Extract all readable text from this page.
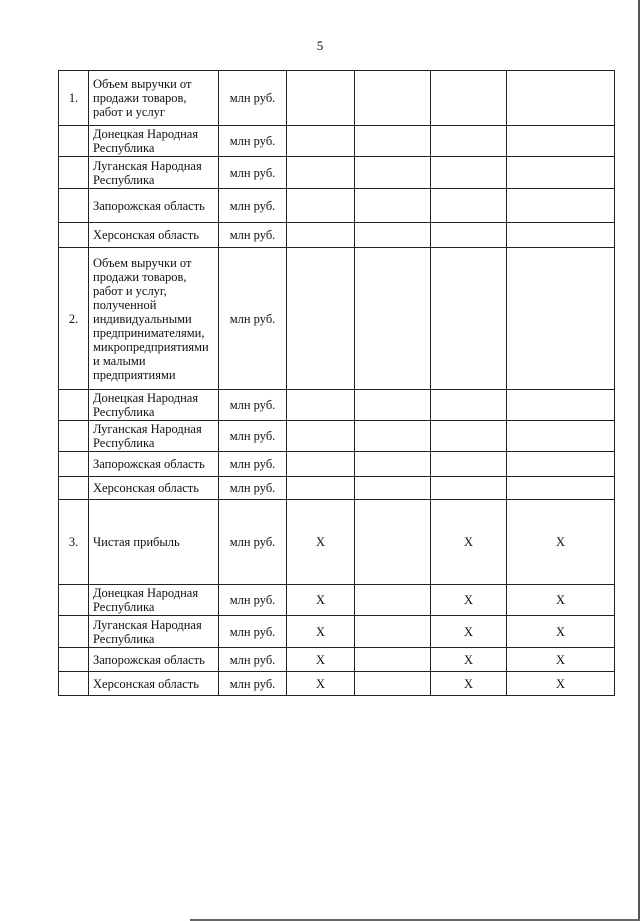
5
1.	Объем выручки от продажи товаров, работ и услуг	млн руб.				
	Донецкая Народная Республика	млн руб.				
	Луганская Народная Республика	млн руб.				
	Запорожская область	млн руб.				
	Херсонская область	млн руб.				
2.	Объем выручки от продажи товаров, работ и услуг, полученной индивидуальными предпринимателями, микропредприятиями и малыми предприятиями	млн руб.				
	Донецкая Народная Республика	млн руб.				
	Луганская Народная Республика	млн руб.				
	Запорожская область	млн руб.				
	Херсонская область	млн руб.				
3.	Чистая прибыль	млн руб.	X		X	X
	Донецкая Народная Республика	млн руб.	X		X	X
	Луганская Народная Республика	млн руб.	X		X	X
	Запорожская область	млн руб.	X		X	X
	Херсонская область	млн руб.	X		X	X
